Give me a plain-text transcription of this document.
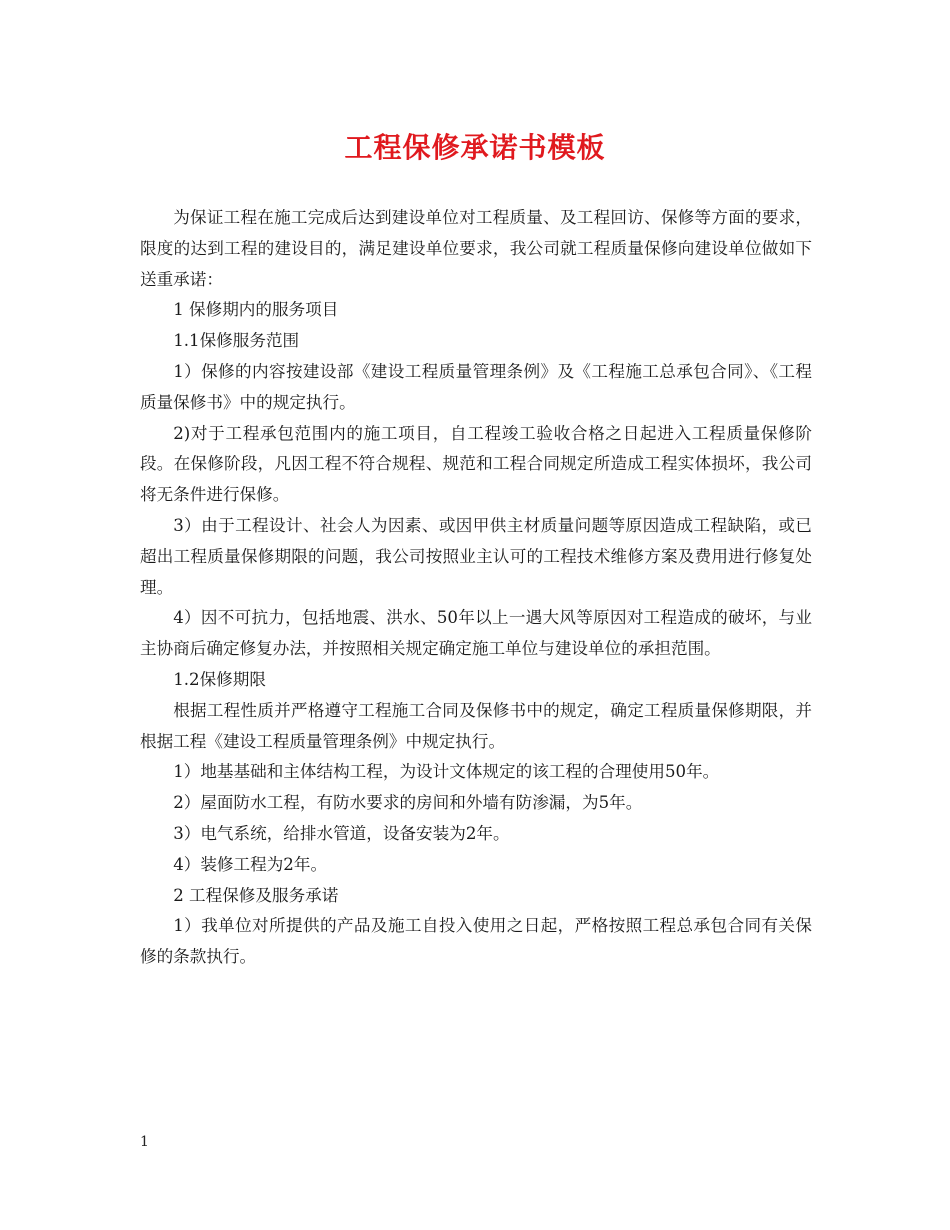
工程保修承诺书模板

为保证工程在施工完成后达到建设单位对工程质量、及工程回访、保修等方面的要求，限度的达到工程的建设目的，满足建设单位要求，我公司就工程质量保修向建设单位做如下送重承诺：

1 保修期内的服务项目

1.1保修服务范围

1）保修的内容按建设部《建设工程质量管理条例》及《工程施工总承包合同》、《工程质量保修书》中的规定执行。

2)对于工程承包范围内的施工项目，自工程竣工验收合格之日起进入工程质量保修阶段。在保修阶段，凡因工程不符合规程、规范和工程合同规定所造成工程实体损坏，我公司将无条件进行保修。

3）由于工程设计、社会人为因素、或因甲供主材质量问题等原因造成工程缺陷，或已超出工程质量保修期限的问题，我公司按照业主认可的工程技术维修方案及费用进行修复处理。

4）因不可抗力，包括地震、洪水、50年以上一遇大风等原因对工程造成的破坏，与业主协商后确定修复办法，并按照相关规定确定施工单位与建设单位的承担范围。

1.2保修期限

根据工程性质并严格遵守工程施工合同及保修书中的规定，确定工程质量保修期限，并根据工程《建设工程质量管理条例》中规定执行。

1）地基基础和主体结构工程，为设计文体规定的该工程的合理使用50年。

2）屋面防水工程，有防水要求的房间和外墙有防渗漏，为5年。

3）电气系统，给排水管道，设备安装为2年。

4）装修工程为2年。

2 工程保修及服务承诺

1）我单位对所提供的产品及施工自投入使用之日起，严格按照工程总承包合同有关保修的条款执行。

1
